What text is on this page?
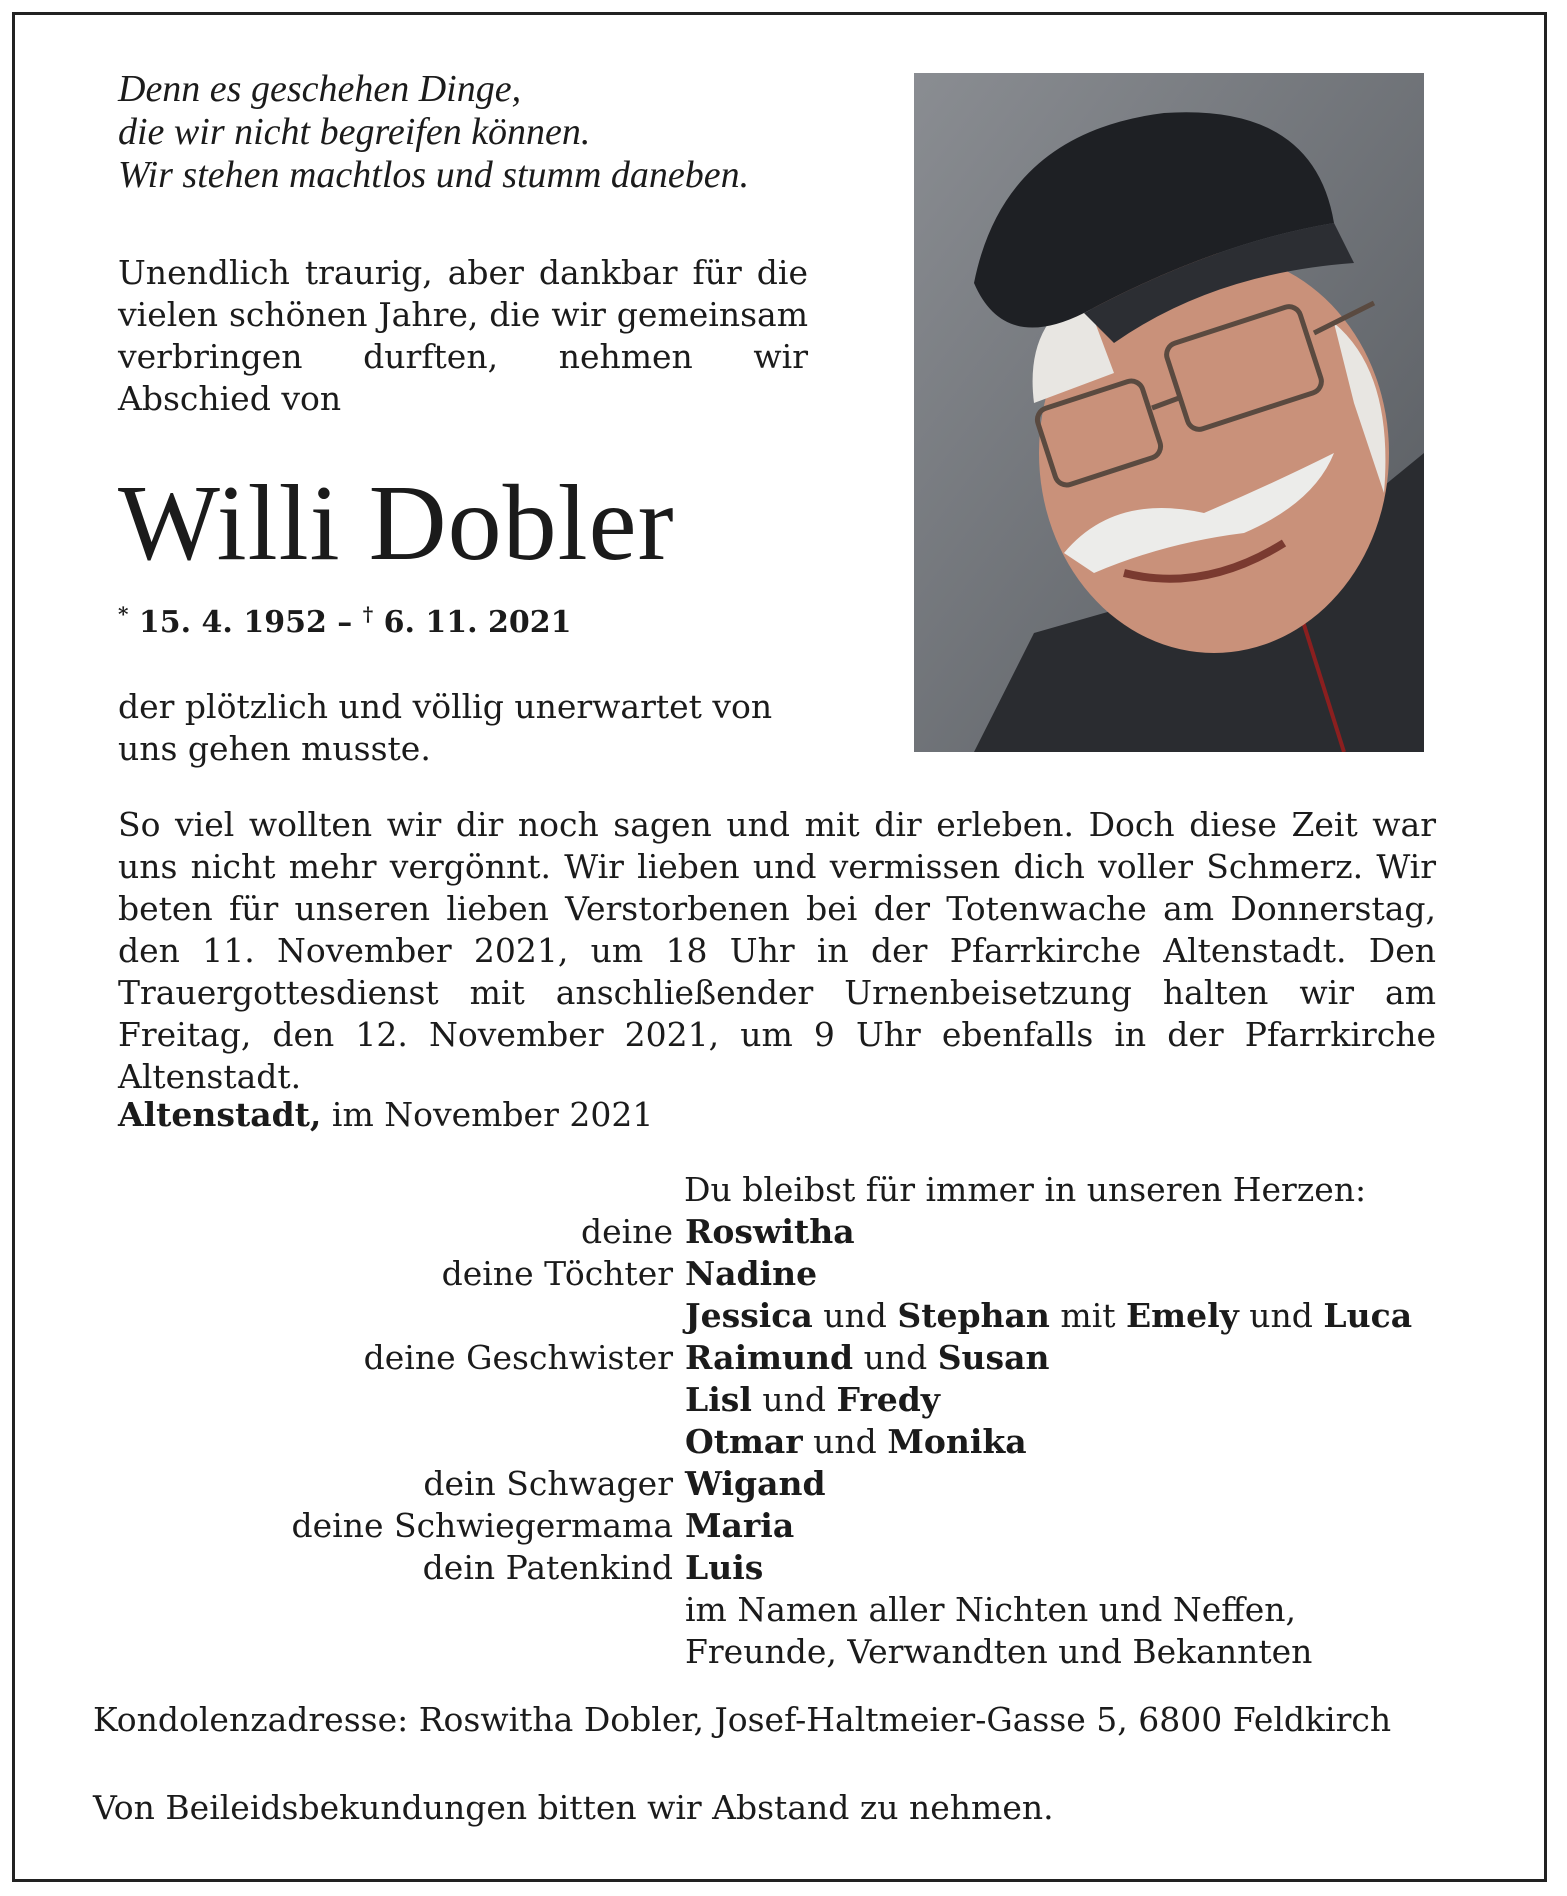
Denn es geschehen Dinge,
die wir nicht begreifen können.
Wir stehen machtlos und stumm daneben.
Unendlich traurig, aber dankbar für die vielen schönen Jahre, die wir gemeinsam verbringen durften, nehmen wir Abschied von
Willi Dobler
* 15. 4. 1952 – † 6. 11. 2021
der plötzlich und völlig unerwartet von uns gehen musste.
So viel wollten wir dir noch sagen und mit dir erleben. Doch diese Zeit war uns nicht mehr vergönnt. Wir lieben und vermissen dich voller Schmerz. Wir beten für unseren lieben Verstorbenen bei der Totenwache am Donnerstag, den 11. November 2021, um 18 Uhr in der Pfarrkirche Altenstadt. Den Trauergottesdienst mit anschließender Urnenbeisetzung halten wir am Freitag, den 12. November 2021, um 9 Uhr ebenfalls in der Pfarrkirche Altenstadt.
Altenstadt, im November 2021
Du bleibst für immer in unseren Herzen:
deine Roswitha
deine Töchter Nadine
Jessica und Stephan mit Emely und Luca
deine Geschwister Raimund und Susan
Lisl und Fredy
Otmar und Monika
dein Schwager Wigand
deine Schwiegermama Maria
dein Patenkind Luis
im Namen aller Nichten und Neffen,
Freunde, Verwandten und Bekannten
Kondolenzadresse: Roswitha Dobler, Josef-Haltmeier-Gasse 5, 6800 Feldkirch
Von Beileidsbekundungen bitten wir Abstand zu nehmen.
